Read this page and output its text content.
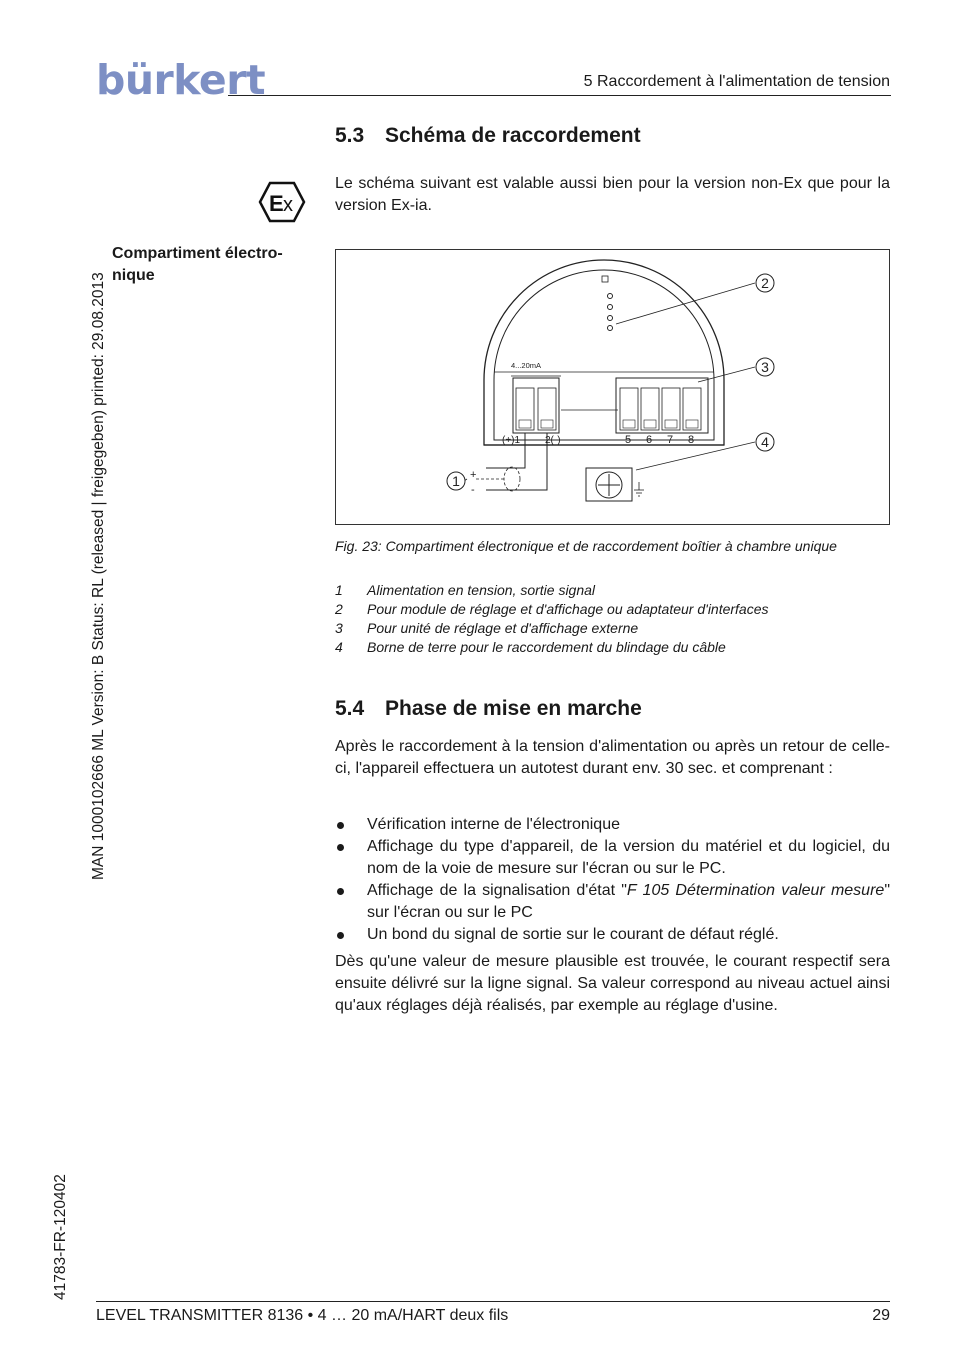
bürkert	5 Raccordement à l'alimentation de tension
MAN 1000102666 ML Version: B Status: RL (released | freigegeben) printed: 29.08.2013
41783-FR-120402
E x
Compartiment électro-nique
5.3 Schéma de raccordement
Le schéma suivant est valable aussi bien pour la version non-Ex que pour la version Ex-ia.
4...20mA
(+)1 2(-)	5 6 7 8
+
-
2
3
4
1
Fig. 23: Compartiment électronique et de raccordement boîtier à chambre unique
1	Alimentation en tension, sortie signal
2	Pour module de réglage et d'affichage ou adaptateur d'interfaces
3	Pour unité de réglage et d'affichage externe
4	Borne de terre pour le raccordement du blindage du câble
5.4 Phase de mise en marche
Après le raccordement à la tension d'alimentation ou après un retour de celle-ci, l'appareil effectuera un autotest durant env. 30 sec. et comprenant :
Vérification interne de l'électronique
Affichage du type d'appareil, de la version du matériel et du logiciel, du nom de la voie de mesure sur l'écran ou sur le PC.
Affichage de la signalisation d'état "F 105 Détermination valeur mesure" sur l'écran ou sur le PC
Un bond du signal de sortie sur le courant de défaut réglé.
Dès qu'une valeur de mesure plausible est trouvée, le courant respectif sera ensuite délivré sur la ligne signal. Sa valeur correspond au niveau actuel ainsi qu'aux réglages déjà réalisés, par exemple au réglage d'usine.
LEVEL TRANSMITTER 8136 • 4 … 20 mA/HART deux fils	29
